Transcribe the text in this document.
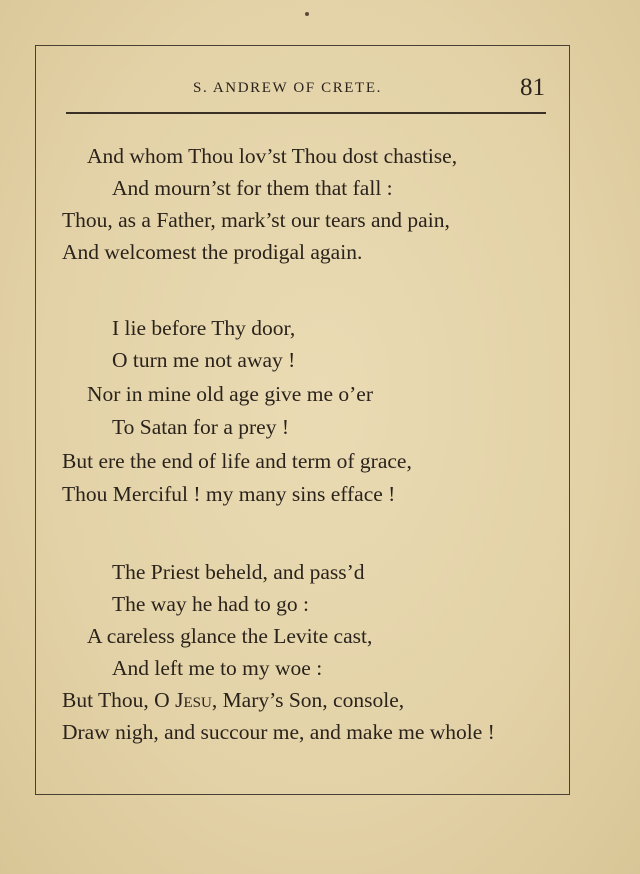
S. ANDREW OF CRETE.	81
And whom Thou lov’st Thou dost chastise,
And mourn’st for them that fall :
Thou, as a Father, mark’st our tears and pain,
And welcomest the prodigal again.
I lie before Thy door,
O turn me not away !
Nor in mine old age give me o’er
To Satan for a prey !
But ere the end of life and term of grace,
Thou Merciful ! my many sins efface !
The Priest beheld, and pass’d
The way he had to go :
A careless glance the Levite cast,
And left me to my woe :
But Thou, O Jesu, Mary’s Son, console,
Draw nigh, and succour me, and make me whole !
